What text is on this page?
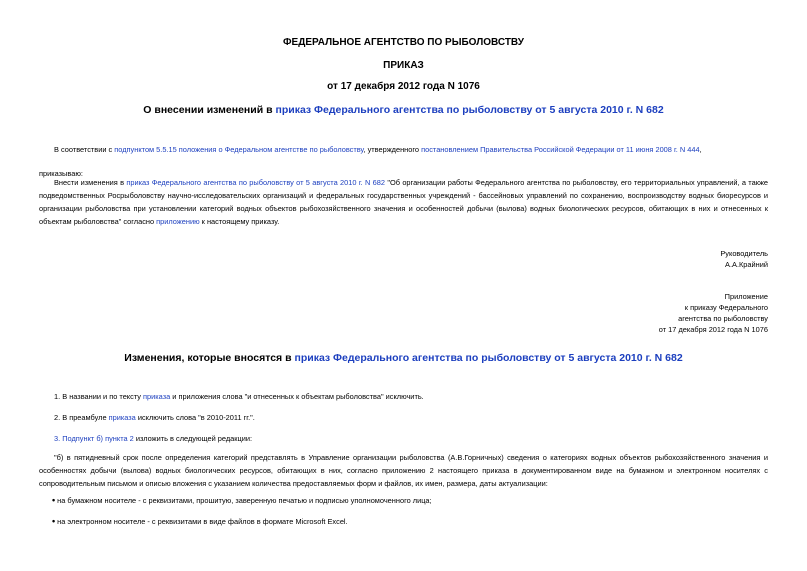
ФЕДЕРАЛЬНОЕ АГЕНТСТВО ПО РЫБОЛОВСТВУ
ПРИКАЗ
от 17 декабря 2012 года N 1076
О внесении изменений в приказ Федерального агентства по рыболовству от 5 августа 2010 г. N 682
В соответствии с подпунктом 5.5.15 положения о Федеральном агентстве по рыболовству, утвержденного постановлением Правительства Российской Федерации от 11 июня 2008 г. N 444,
приказываю:
Внести изменения в приказ Федерального агентства по рыболовству от 5 августа 2010 г. N 682 "Об организации работы Федерального агентства по рыболовству, его территориальных управлений, а также подведомственных Росрыболовству научно-исследовательских организаций и федеральных государственных учреждений - бассейновых управлений по сохранению, воспроизводству водных биоресурсов и организации рыболовства при установлении категорий водных объектов рыбохозяйственного значения и особенностей добычи (вылова) водных биологических ресурсов, обитающих в них и отнесенных к объектам рыболовства" согласно приложению к настоящему приказу.
Руководитель
А.А.Крайний
Приложение
к приказу Федерального
агентства по рыболовству
от 17 декабря 2012 года N 1076
Изменения, которые вносятся в приказ Федерального агентства по рыболовству от 5 августа 2010 г. N 682
1. В названии и по тексту приказа и приложения слова "и отнесенных к объектам рыболовства" исключить.
2. В преамбуле приказа исключить слова "в 2010-2011 гг.".
3. Подпункт б) пункта 2 изложить в следующей редакции:
"б) в пятидневный срок после определения категорий представлять в Управление организации рыболовства (А.В.Горничных) сведения о категориях водных объектов рыбохозяйственного значения и особенностях добычи (вылова) водных биологических ресурсов, обитающих в них, согласно приложению 2 настоящего приказа в документированном виде на бумажном и электронном носителях с сопроводительным письмом и описью вложения с указанием количества предоставляемых форм и файлов, их имен, размера, даты актуализации:
• на бумажном носителе - с реквизитами, прошитую, заверенную печатью и подписью уполномоченного лица;
• на электронном носителе - с реквизитами в виде файлов в формате Microsoft Excel.
